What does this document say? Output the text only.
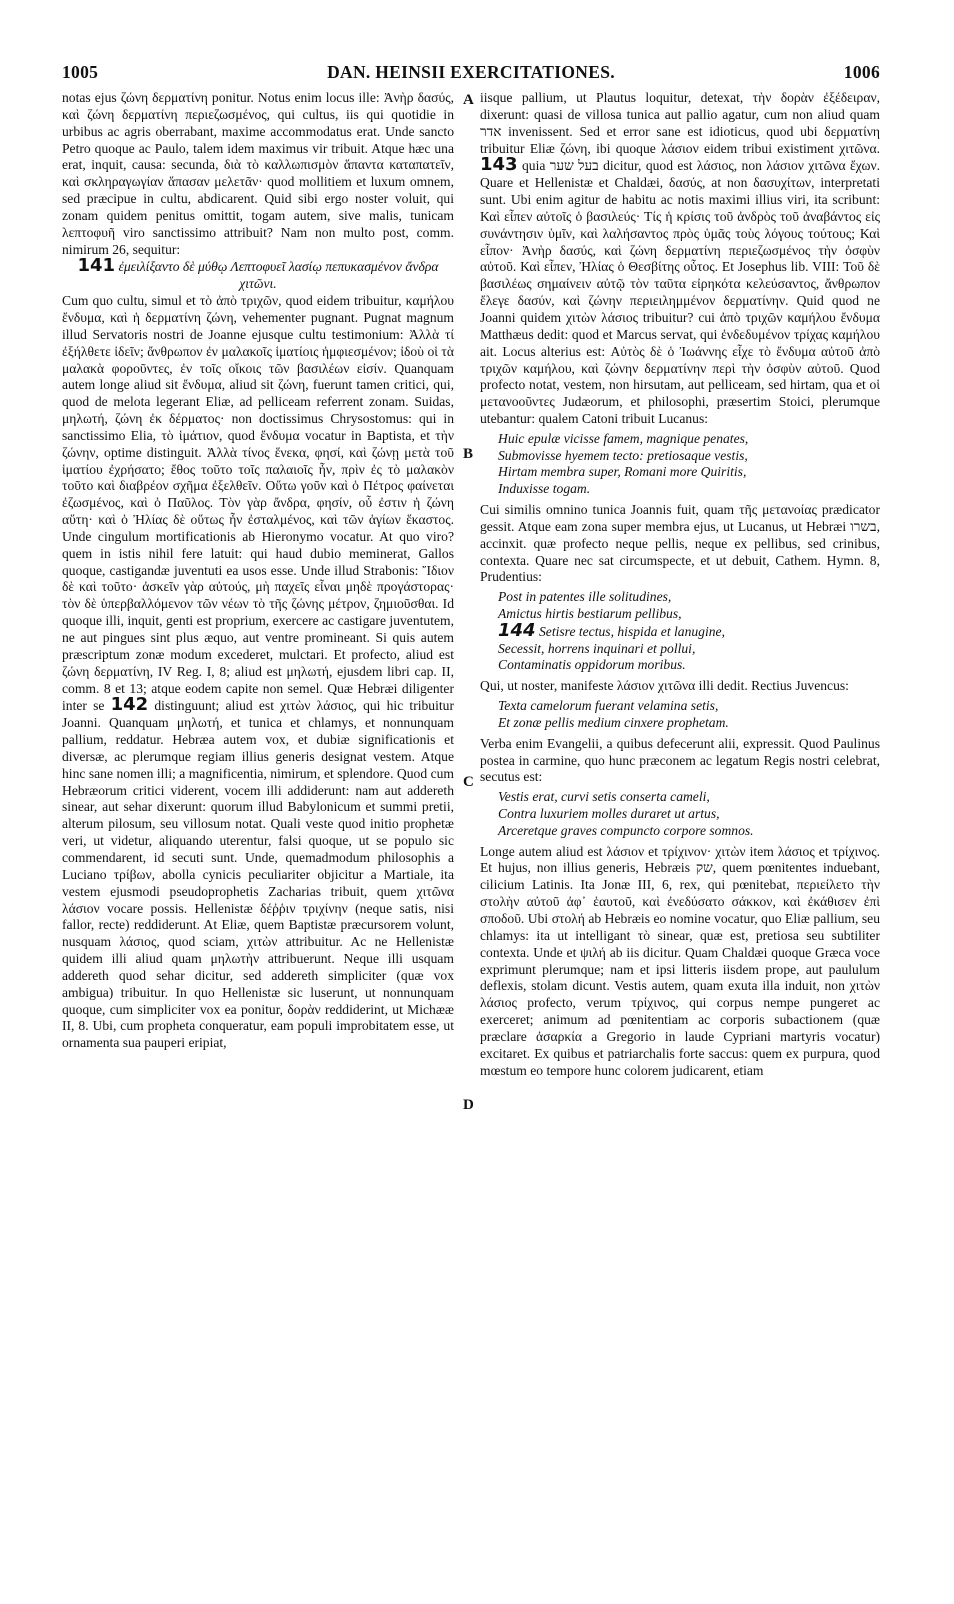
1005	DAN. HEINSII EXERCITATIONES.	1006
A
B
C
D

notas ejus ζώνη δερματίνη ponitur. Notus enim locus ille: Ἀνὴρ δασύς, καὶ ζώνη δερματίνη περιεζωσμένος, qui cultus, iis qui quotidie in urbibus ac agris oberrabant, maxime accommodatus erat. Unde sancto Petro quoque ac Paulo, talem idem maximus vir tribuit. Atque hæc una erat, inquit, causa: secunda, διὰ τὸ καλλωπισμὸν ἅπαντα καταπατεῖν, καὶ σκληραγωγίαν ἅπασαν μελετᾶν· quod mollitiem et luxum omnem, sed præcipue in cultu, abdicarent. Quid sibi ergo noster voluit, qui zonam quidem penitus omittit, togam autem, sive malis, tunicam λεπτοφυῆ viro sanctissimo attribuit? Nam non multo post, comm. nimirum 26, sequitur:

141 ἐμειλίξαντο δὲ μύθῳ Λεπτοφυεῖ λασίῳ πεπυκασμένον ἄνδρα χιτῶνι.

Cum quo cultu, simul et τὸ ἀπὸ τριχῶν, quod eidem tribuitur, καμήλου ἔνδυμα, καὶ ἡ δερματίνη ζώνη, vehementer pugnant. Pugnat magnum illud Servatoris nostri de Joanne ejusque cultu testimonium: Ἀλλὰ τί ἐξήλθετε ἰδεῖν; ἄνθρωπον ἐν μαλακοῖς ἱματίοις ἠμφιεσμένον; ἰδοὺ οἱ τὰ μαλακὰ φοροῦντες, ἐν τοῖς οἴκοις τῶν βασιλέων εἰσίν. Quanquam autem longe aliud sit ἔνδυμα, aliud sit ζώνη, fuerunt tamen critici, qui, quod de melota legerant Eliæ, ad pelliceam referrent zonam. Suidas, μηλωτή, ζώνη ἐκ δέρματος· non doctissimus Chrysostomus: qui in sanctissimo Elia, τὸ ἱμάτιον, quod ἔνδυμα vocatur in Baptista, et τὴν ζώνην, optime distinguit. Ἀλλὰ τίνος ἕνεκα, φησί, καὶ ζώνῃ μετὰ τοῦ ἱματίου ἐχρήσατο; ἔθος τοῦτο τοῖς παλαιοῖς ἦν, πρὶν ἐς τὸ μαλακὸν τοῦτο καὶ διαβρέον σχῆμα ἐξελθεῖν. Οὕτω γοῦν καὶ ὁ Πέτρος φαίνεται ἐζωσμένος, καὶ ὁ Παῦλος. Τὸν γὰρ ἄνδρα, φησίν, οὗ ἐστιν ἡ ζώνη αὕτη· καὶ ὁ Ἠλίας δὲ οὕτως ἦν ἐσταλμένος, καὶ τῶν ἁγίων ἕκαστος. Unde cingulum mortificationis ab Hieronymo vocatur. At quo viro? quem in istis nihil fere latuit: qui haud dubio meminerat, Gallos quoque, castigandæ juventuti ea usos esse. Unde illud Strabonis: Ἴδιον δὲ καὶ τοῦτο· ἀσκεῖν γὰρ αὐτούς, μὴ παχεῖς εἶναι μηδὲ προγάστορας· τὸν δὲ ὑπερβαλλόμενον τῶν νέων τὸ τῆς ζώνης μέτρον, ζημιοῦσθαι. Id quoque illi, inquit, genti est proprium, exercere ac castigare juventutem, ne aut pingues sint plus æquo, aut ventre promineant. Si quis autem præscriptum zonæ modum excederet, mulctari. Et profecto, aliud est ζώνη δερματίνη, IV Reg. I, 8; aliud est μηλωτή, ejusdem libri cap. II, comm. 8 et 13; atque eodem capite non semel. Quæ Hebræi diligenter inter se 142 distinguunt; aliud est χιτὼν λάσιος, qui hic tribuitur Joanni. Quanquam μηλωτή, et tunica et chlamys, et nonnunquam pallium, reddatur. Hebræa autem vox, et dubiæ significationis et diversæ, ac plerumque regiam illius generis designat vestem. Atque hinc sane nomen illi; a magnificentia, nimirum, et splendore. Quod cum Hebræorum critici viderent, vocem illi addiderunt: nam aut addereth sinear, aut sehar dixerunt: quorum illud Babylonicum et summi pretii, alterum pilosum, seu villosum notat. Quali veste quod initio prophetæ veri, ut videtur, aliquando uterentur, falsi quoque, ut se populo sic commendarent, id secuti sunt. Unde, quemadmodum philosophis a Luciano τρίβων, abolla cynicis peculiariter objicitur a Martiale, ita vestem ejusmodi pseudoprophetis Zacharias tribuit, quem χιτῶνα λάσιον vocare possis. Hellenistæ δέῤῥιν τριχίνην (neque satis, nisi fallor, recte) reddiderunt. At Eliæ, quem Baptistæ præcursorem volunt, nusquam λάσιος, quod sciam, χιτὼν attribuitur. Ac ne Hellenistæ quidem illi aliud quam μηλωτὴν attribuerunt. Neque illi usquam addereth quod sehar dicitur, sed addereth simpliciter (quæ vox ambigua) tribuitur. In quo Hellenistæ sic luserunt, ut nonnunquam quoque, cum simpliciter vox ea ponitur, δορὰν reddiderint, ut Michææ II, 8. Ubi, cum propheta conqueratur, eam populi improbitatem esse, ut ornamenta sua pauperi eripiat,

iisque pallium, ut Plautus loquitur, detexat, τὴν δορὰν ἐξέδειραν, dixerunt: quasi de villosa tunica aut pallio agatur, cum non aliud quam אדר invenissent. Sed et error sane est idioticus, quod ubi δερματίνη tribuitur Eliæ ζώνη, ibi quoque λάσιον eidem tribui existiment χιτῶνα. 143 quia בעל שער dicitur, quod est λάσιος, non λάσιον χιτῶνα ἔχων. Quare et Hellenistæ et Chaldæi, δασύς, at non δασυχίτων, interpretati sunt. Ubi enim agitur de habitu ac notis maximi illius viri, ita scribunt: Καὶ εἶπεν αὐτοῖς ὁ βασιλεύς· Τίς ἡ κρίσις τοῦ ἀνδρὸς τοῦ ἀναβάντος εἰς συνάντησιν ὑμῖν, καὶ λαλήσαντος πρὸς ὑμᾶς τοὺς λόγους τούτους; Καὶ εἶπον· Ἀνὴρ δασύς, καὶ ζώνη δερματίνη περιεζωσμένος τὴν ὀσφὺν αὐτοῦ. Καὶ εἶπεν, Ἠλίας ὁ Θεσβίτης οὗτος. Et Josephus lib. VIII: Τοῦ δὲ βασιλέως σημαίνειν αὐτῷ τὸν ταῦτα εἰρηκότα κελεύσαντος, ἄνθρωπον ἔλεγε δασύν, καὶ ζώνην περιειλημμένον δερματίνην. Quid quod ne Joanni quidem χιτὼν λάσιος tribuitur? cui ἀπὸ τριχῶν καμήλου ἔνδυμα Matthæus dedit: quod et Marcus servat, qui ἐνδεδυμένον τρίχας καμήλου ait. Locus alterius est: Αὐτὸς δὲ ὁ Ἰωάννης εἶχε τὸ ἔνδυμα αὐτοῦ ἀπὸ τριχῶν καμήλου, καὶ ζώνην δερματίνην περὶ τὴν ὀσφὺν αὐτοῦ. Quod profecto notat, vestem, non hirsutam, aut pelliceam, sed hirtam, qua et οἱ μετανοοῦντες Judæorum, et philosophi, præsertim Stoici, plerumque utebantur: qualem Catoni tribuit Lucanus:

Huic epulæ vicisse famem, magnique penates,
Submovisse hyemem tecto: pretiosaque vestis,
Hirtam membra super, Romani more Quiritis,
Induxisse togam.

Cui similis omnino tunica Joannis fuit, quam τῆς μετανοίας prædicator gessit. Atque eam zona super membra ejus, ut Lucanus, ut Hebræi בשרו, accinxit. quæ profecto neque pellis, neque ex pellibus, sed crinibus, contexta. Quare nec sat circumspecte, et ut debuit, Cathem. Hymn. 8, Prudentius:

Post in patentes ille solitudines,
Amictus hirtis bestiarum pellibus,
144 Setisre tectus, hispida et lanugine,
Secessit, horrens inquinari et pollui,
Contaminatis oppidorum moribus.

Qui, ut noster, manifeste λάσιον χιτῶνα illi dedit. Rectius Juvencus:

Texta camelorum fuerant velamina setis,
Et zonæ pellis medium cinxere prophetam.

Verba enim Evangelii, a quibus defecerunt alii, expressit. Quod Paulinus postea in carmine, quo hunc præconem ac legatum Regis nostri celebrat, secutus est:

Vestis erat, curvi setis conserta cameli,
Contra luxuriem molles duraret ut artus,
Arceretque graves compuncto corpore somnos.

Longe autem aliud est λάσιον et τρίχινον· χιτὼν item λάσιος et τρίχινος. Et hujus, non illius generis, Hebræis שק, quem pœnitentes induebant, cilicium Latinis. Ita Jonæ III, 6, rex, qui pœnitebat, περιείλετο τὴν στολὴν αὐτοῦ ἀφ᾽ ἑαυτοῦ, καὶ ἐνεδύσατο σάκκον, καὶ ἐκάθισεν ἐπὶ σποδοῦ. Ubi στολή ab Hebræis eo nomine vocatur, quo Eliæ pallium, seu chlamys: ita ut intelligant τὸ sinear, quæ est, pretiosa seu subtiliter contexta. Unde et ψιλή ab iis dicitur. Quam Chaldæi quoque Græca voce exprimunt plerumque; nam et ipsi litteris iisdem prope, aut paululum deflexis, stolam dicunt. Vestis autem, quam exuta illa induit, non χιτὼν λάσιος profecto, verum τρίχινος, qui corpus nempe pungeret ac exerceret; animum ad pœnitentiam ac corporis subactionem (quæ præclare ἀσαρκία a Gregorio in laude Cypriani martyris vocatur) excitaret. Ex quibus et patriarchalis forte saccus: quem ex purpura, quod mœstum eo tempore hunc colorem judicarent, etiam
